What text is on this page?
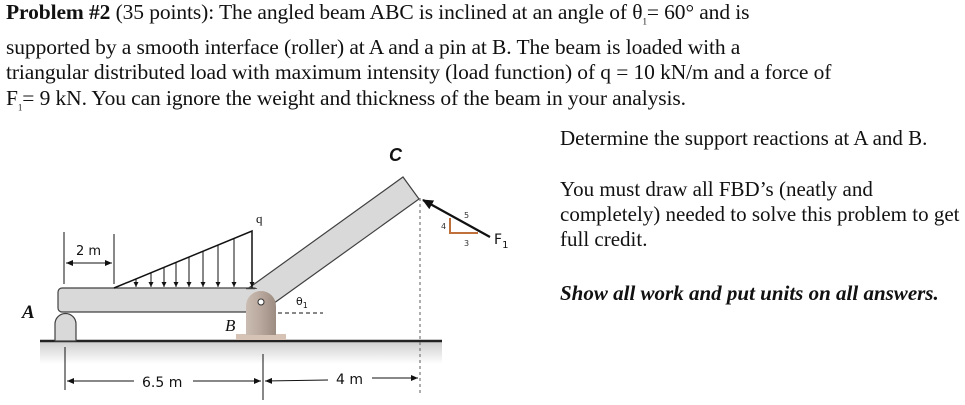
Problem #2 (35 points): The angled beam ABC is inclined at an angle of $\theta_1= 60^\circ$ and is
supported by a smooth interface (roller) at A and a pin at B. The beam is loaded with a
triangular distributed load with maximum intensity (load function) of q = 10 kN/m and a force of
$F_1= 9$ kN. You can ignore the weight and thickness of the beam in your analysis.

Determine the support reactions at A and B.

You must draw all FBD’s (neatly and completely) needed to solve this problem to get full credit.

Show all work and put units on all answers.

q
2 m
A
B
C
$\theta_1$
$F_1$
4
3
5
6.5 m	4 m
